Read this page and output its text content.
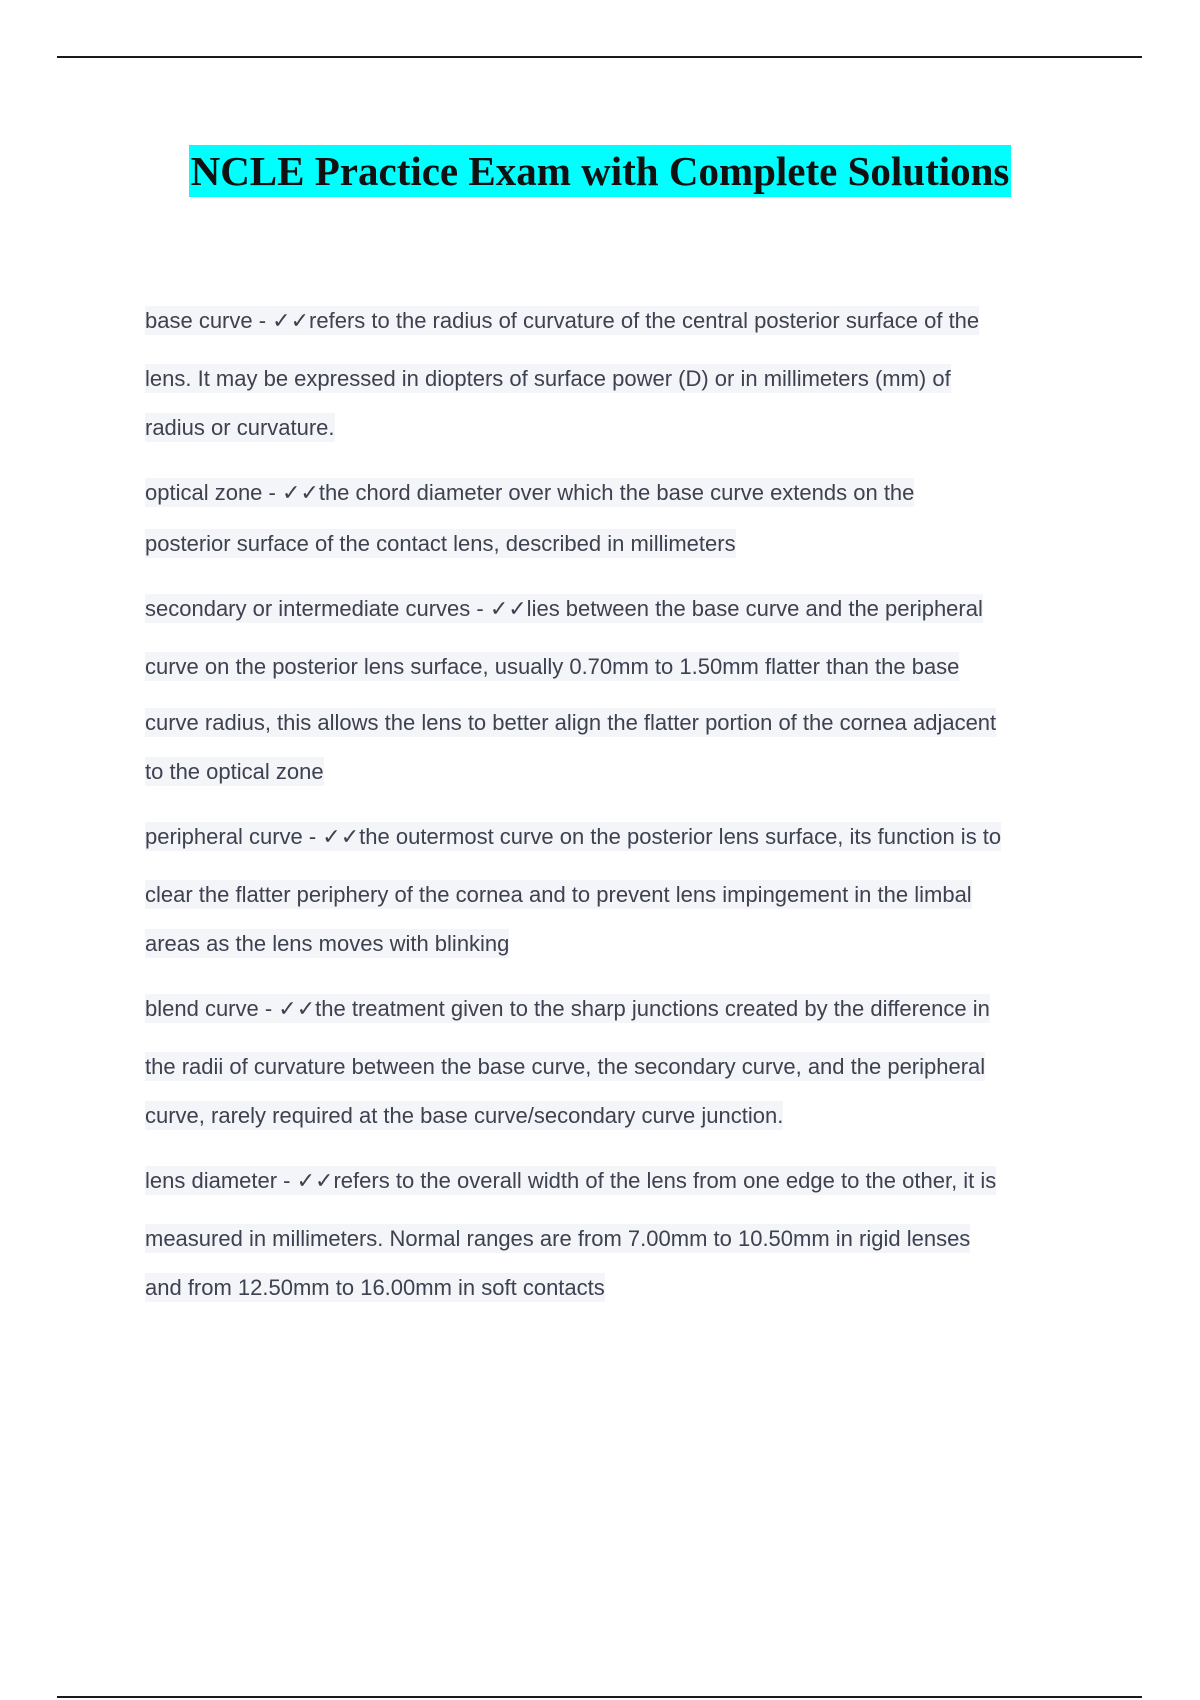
NCLE Practice Exam with Complete Solutions
base curve - ✓✓refers to the radius of curvature of the central posterior surface of the
lens. It may be expressed in diopters of surface power (D) or in millimeters (mm) of
radius or curvature.
optical zone - ✓✓the chord diameter over which the base curve extends on the
posterior surface of the contact lens, described in millimeters
secondary or intermediate curves - ✓✓lies between the base curve and the peripheral
curve on the posterior lens surface, usually 0.70mm to 1.50mm flatter than the base
curve radius, this allows the lens to better align the flatter portion of the cornea adjacent
to the optical zone
peripheral curve - ✓✓the outermost curve on the posterior lens surface, its function is to
clear the flatter periphery of the cornea and to prevent lens impingement in the limbal
areas as the lens moves with blinking
blend curve - ✓✓the treatment given to the sharp junctions created by the difference in
the radii of curvature between the base curve, the secondary curve, and the peripheral
curve, rarely required at the base curve/secondary curve junction.
lens diameter - ✓✓refers to the overall width of the lens from one edge to the other, it is
measured in millimeters. Normal ranges are from 7.00mm to 10.50mm in rigid lenses
and from 12.50mm to 16.00mm in soft contacts
